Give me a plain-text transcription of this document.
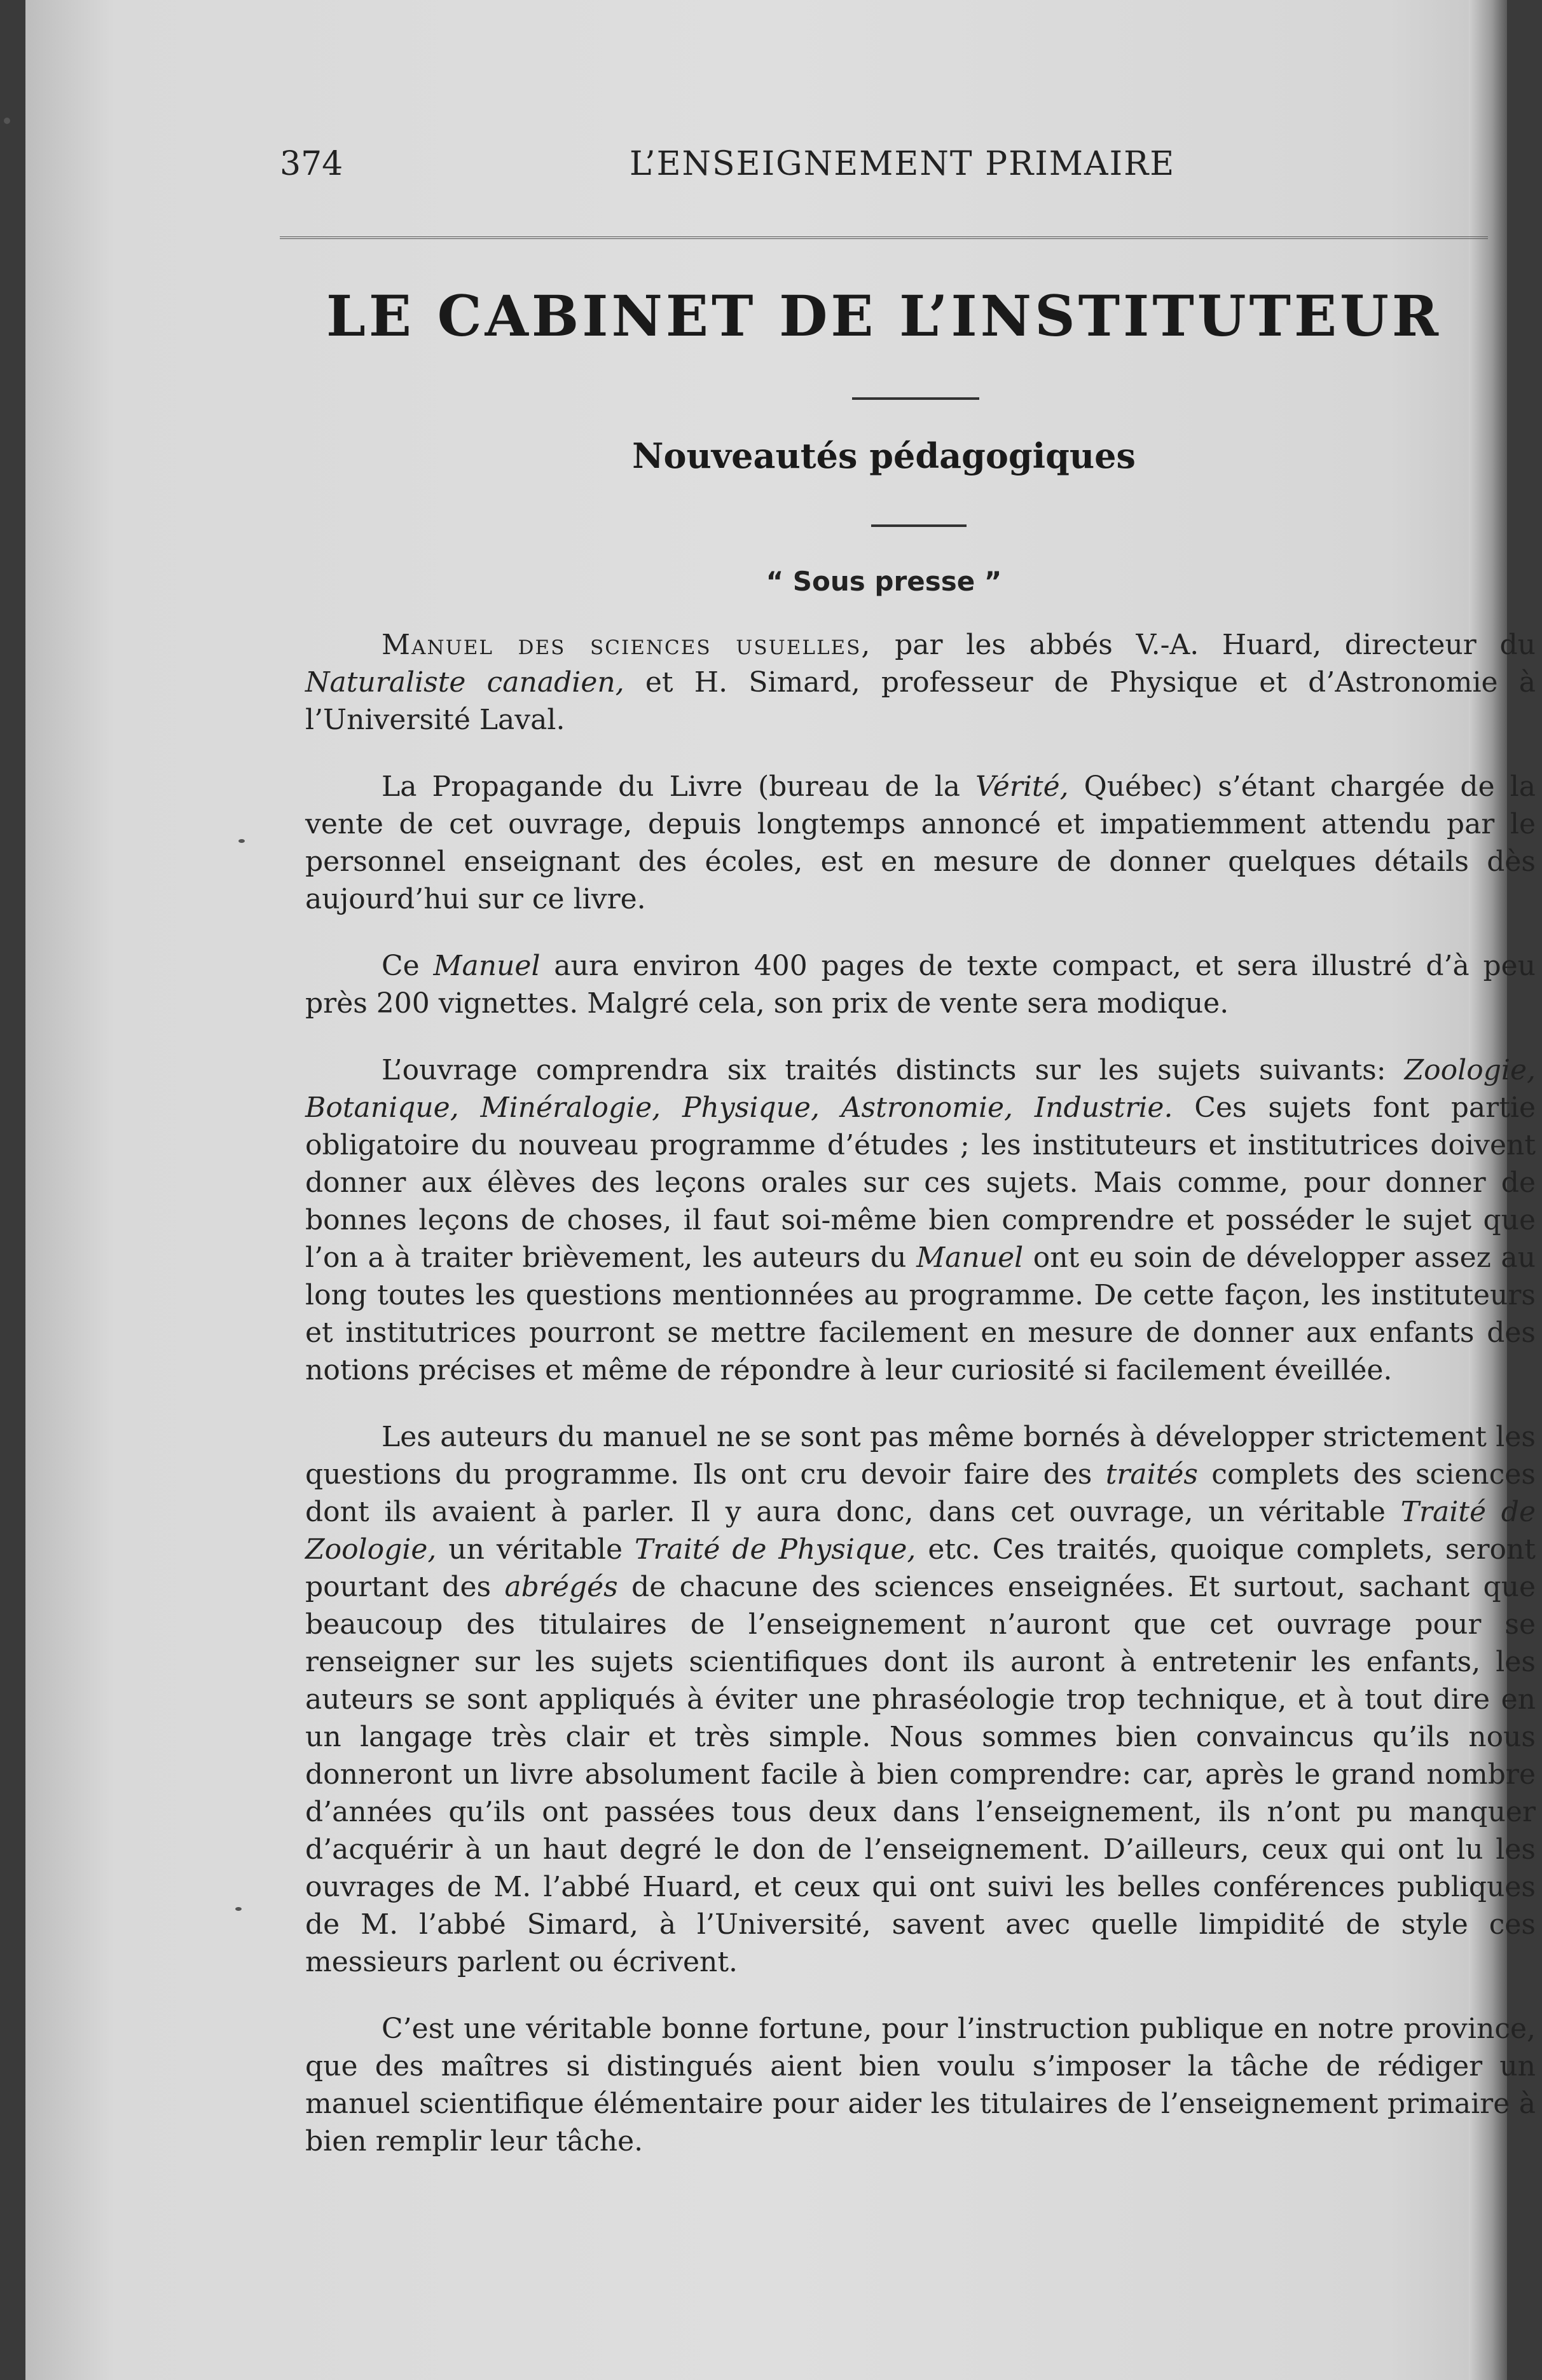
374	L’ENSEIGNEMENT PRIMAIRE
LE CABINET DE L’INSTITUTEUR
Nouveautés pédagogiques
“ Sous presse ”

Manuel des sciences usuelles, par les abbés V.-A. Huard, directeur du Naturaliste canadien, et H. Simard, professeur de Physique et d’Astronomie à l’Université Laval.

La Propagande du Livre (bureau de la Vérité, Québec) s’étant chargée de la vente de cet ouvrage, depuis longtemps annoncé et impatiemment attendu par le personnel enseignant des écoles, est en mesure de donner quelques détails dès aujourd’hui sur ce livre.

Ce Manuel aura environ 400 pages de texte compact, et sera illustré d’à peu près 200 vignettes. Malgré cela, son prix de vente sera modique.

L’ouvrage comprendra six traités distincts sur les sujets suivants: Zoologie, Botanique, Minéralogie, Physique, Astronomie, Industrie. Ces sujets font partie obligatoire du nouveau programme d’études ; les instituteurs et institutrices doivent donner aux élèves des leçons orales sur ces sujets. Mais comme, pour donner de bonnes leçons de choses, il faut soi-même bien comprendre et posséder le sujet que l’on a à traiter brièvement, les auteurs du Manuel ont eu soin de développer assez au long toutes les questions mentionnées au programme. De cette façon, les instituteurs et institutrices pourront se mettre facilement en mesure de donner aux enfants des notions précises et même de répondre à leur curiosité si facilement éveillée.

Les auteurs du manuel ne se sont pas même bornés à développer strictement les questions du programme. Ils ont cru devoir faire des traités complets des sciences dont ils avaient à parler. Il y aura donc, dans cet ouvrage, un véritable Traité de Zoologie, un véritable Traité de Physique, etc. Ces traités, quoique complets, seront pourtant des abrégés de chacune des sciences enseignées. Et surtout, sachant que beaucoup des titulaires de l’enseignement n’auront que cet ouvrage pour se renseigner sur les sujets scientifiques dont ils auront à entretenir les enfants, les auteurs se sont appliqués à éviter une phraséologie trop technique, et à tout dire en un langage très clair et très simple. Nous sommes bien convaincus qu’ils nous donneront un livre absolument facile à bien comprendre: car, après le grand nombre d’années qu’ils ont passées tous deux dans l’enseignement, ils n’ont pu manquer d’acquérir à un haut degré le don de l’enseignement. D’ailleurs, ceux qui ont lu les ouvrages de M. l’abbé Huard, et ceux qui ont suivi les belles conférences publiques de M. l’abbé Simard, à l’Université, savent avec quelle limpidité de style ces messieurs parlent ou écrivent.

C’est une véritable bonne fortune, pour l’instruction publique en notre province, que des maîtres si distingués aient bien voulu s’imposer la tâche de rédiger un manuel scientifique élémentaire pour aider les titulaires de l’enseignement primaire à bien remplir leur tâche.
